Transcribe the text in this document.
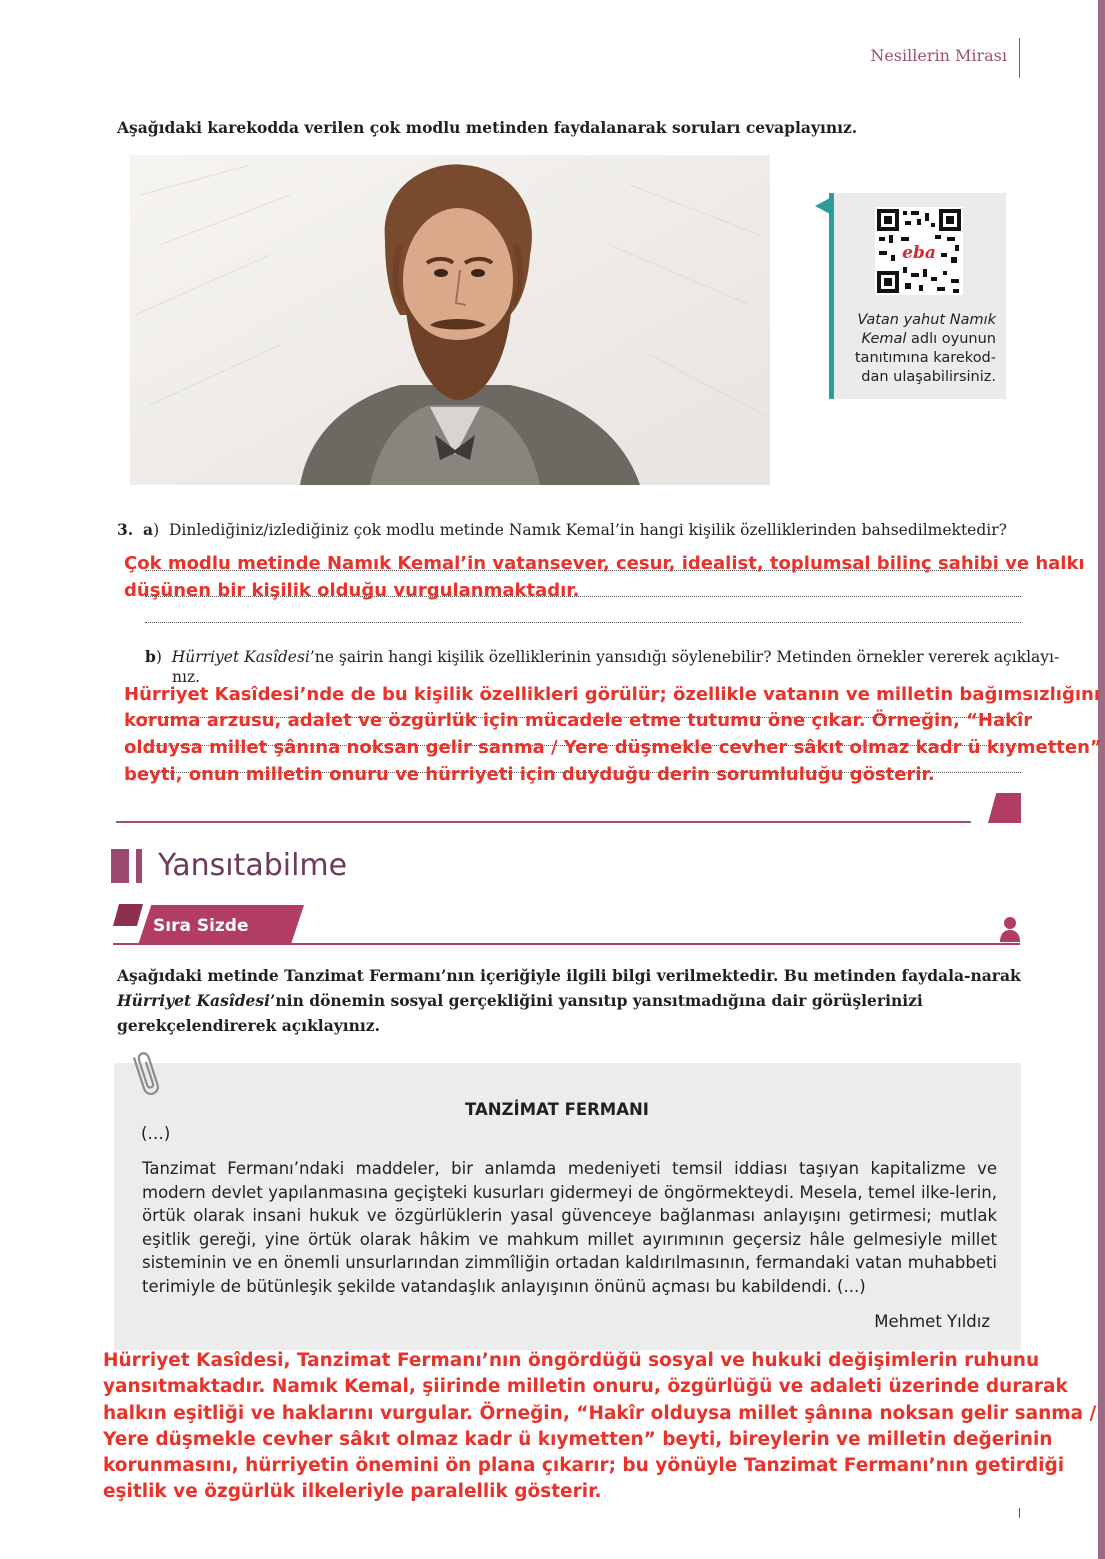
Nesillerin Mirası
Aşağıdaki karekodda verilen çok modlu metinden faydalanarak soruları cevaplayınız.
eba
Vatan yahut Namık Kemal adlı oyunun tanıtımına karekod-dan ulaşabilirsiniz.
3. a)  Dinlediğiniz/izlediğiniz çok modlu metinde Namık Kemal’in hangi kişilik özelliklerinden bahsedilmektedir?
Çok modlu metinde Namık Kemal’in vatansever, cesur, idealist, toplumsal bilinç sahibi ve halkı
düşünen bir kişilik olduğu vurgulanmaktadır.
b)  Hürriyet Kasîdesi’ne şairin hangi kişilik özelliklerinin yansıdığı söylenebilir? Metinden örnekler vererek açıklayı-
nız.
Hürriyet Kasîdesi’nde de bu kişilik özellikleri görülür; özellikle vatanın ve milletin bağımsızlığını
koruma arzusu, adalet ve özgürlük için mücadele etme tutumu öne çıkar. Örneğin, “Hakîr
olduysa millet şânına noksan gelir sanma / Yere düşmekle cevher sâkıt olmaz kadr ü kıymetten”
beyti, onun milletin onuru ve hürriyeti için duyduğu derin sorumluluğu gösterir.
Yansıtabilme
Sıra Sizde
Aşağıdaki metinde Tanzimat Fermanı’nın içeriğiyle ilgili bilgi verilmektedir. Bu metinden faydala-narak Hürriyet Kasîdesi’nin dönemin sosyal gerçekliğini yansıtıp yansıtmadığına dair görüşlerinizi gerekçelendirerek açıklayınız.
TANZİMAT FERMANI
(…)
Tanzimat Fermanı’ndaki maddeler, bir anlamda medeniyeti temsil iddiası taşıyan kapitalizme ve modern devlet yapılanmasına geçişteki kusurları gidermeyi de öngörmekteydi. Mesela, temel ilke-lerin, örtük olarak insani hukuk ve özgürlüklerin yasal güvenceye bağlanması anlayışını getirmesi; mutlak eşitlik gereği, yine örtük olarak hâkim ve mahkum millet ayırımının geçersiz hâle gelmesiyle millet sisteminin ve en önemli unsurlarından zimmîliğin ortadan kaldırılmasının, fermandaki vatan muhabbeti terimiyle de bütünleşik şekilde vatandaşlık anlayışının önünü açması bu kabildendi. (...)
Mehmet Yıldız
Hürriyet Kasîdesi, Tanzimat Fermanı’nın öngördüğü sosyal ve hukuki değişimlerin ruhunu
yansıtmaktadır. Namık Kemal, şiirinde milletin onuru, özgürlüğü ve adaleti üzerinde durarak
halkın eşitliği ve haklarını vurgular. Örneğin, “Hakîr olduysa millet şânına noksan gelir sanma /
Yere düşmekle cevher sâkıt olmaz kadr ü kıymetten” beyti, bireylerin ve milletin değerinin
korunmasını, hürriyetin önemini ön plana çıkarır; bu yönüyle Tanzimat Fermanı’nın getirdiği
eşitlik ve özgürlük ilkeleriyle paralellik gösterir.
